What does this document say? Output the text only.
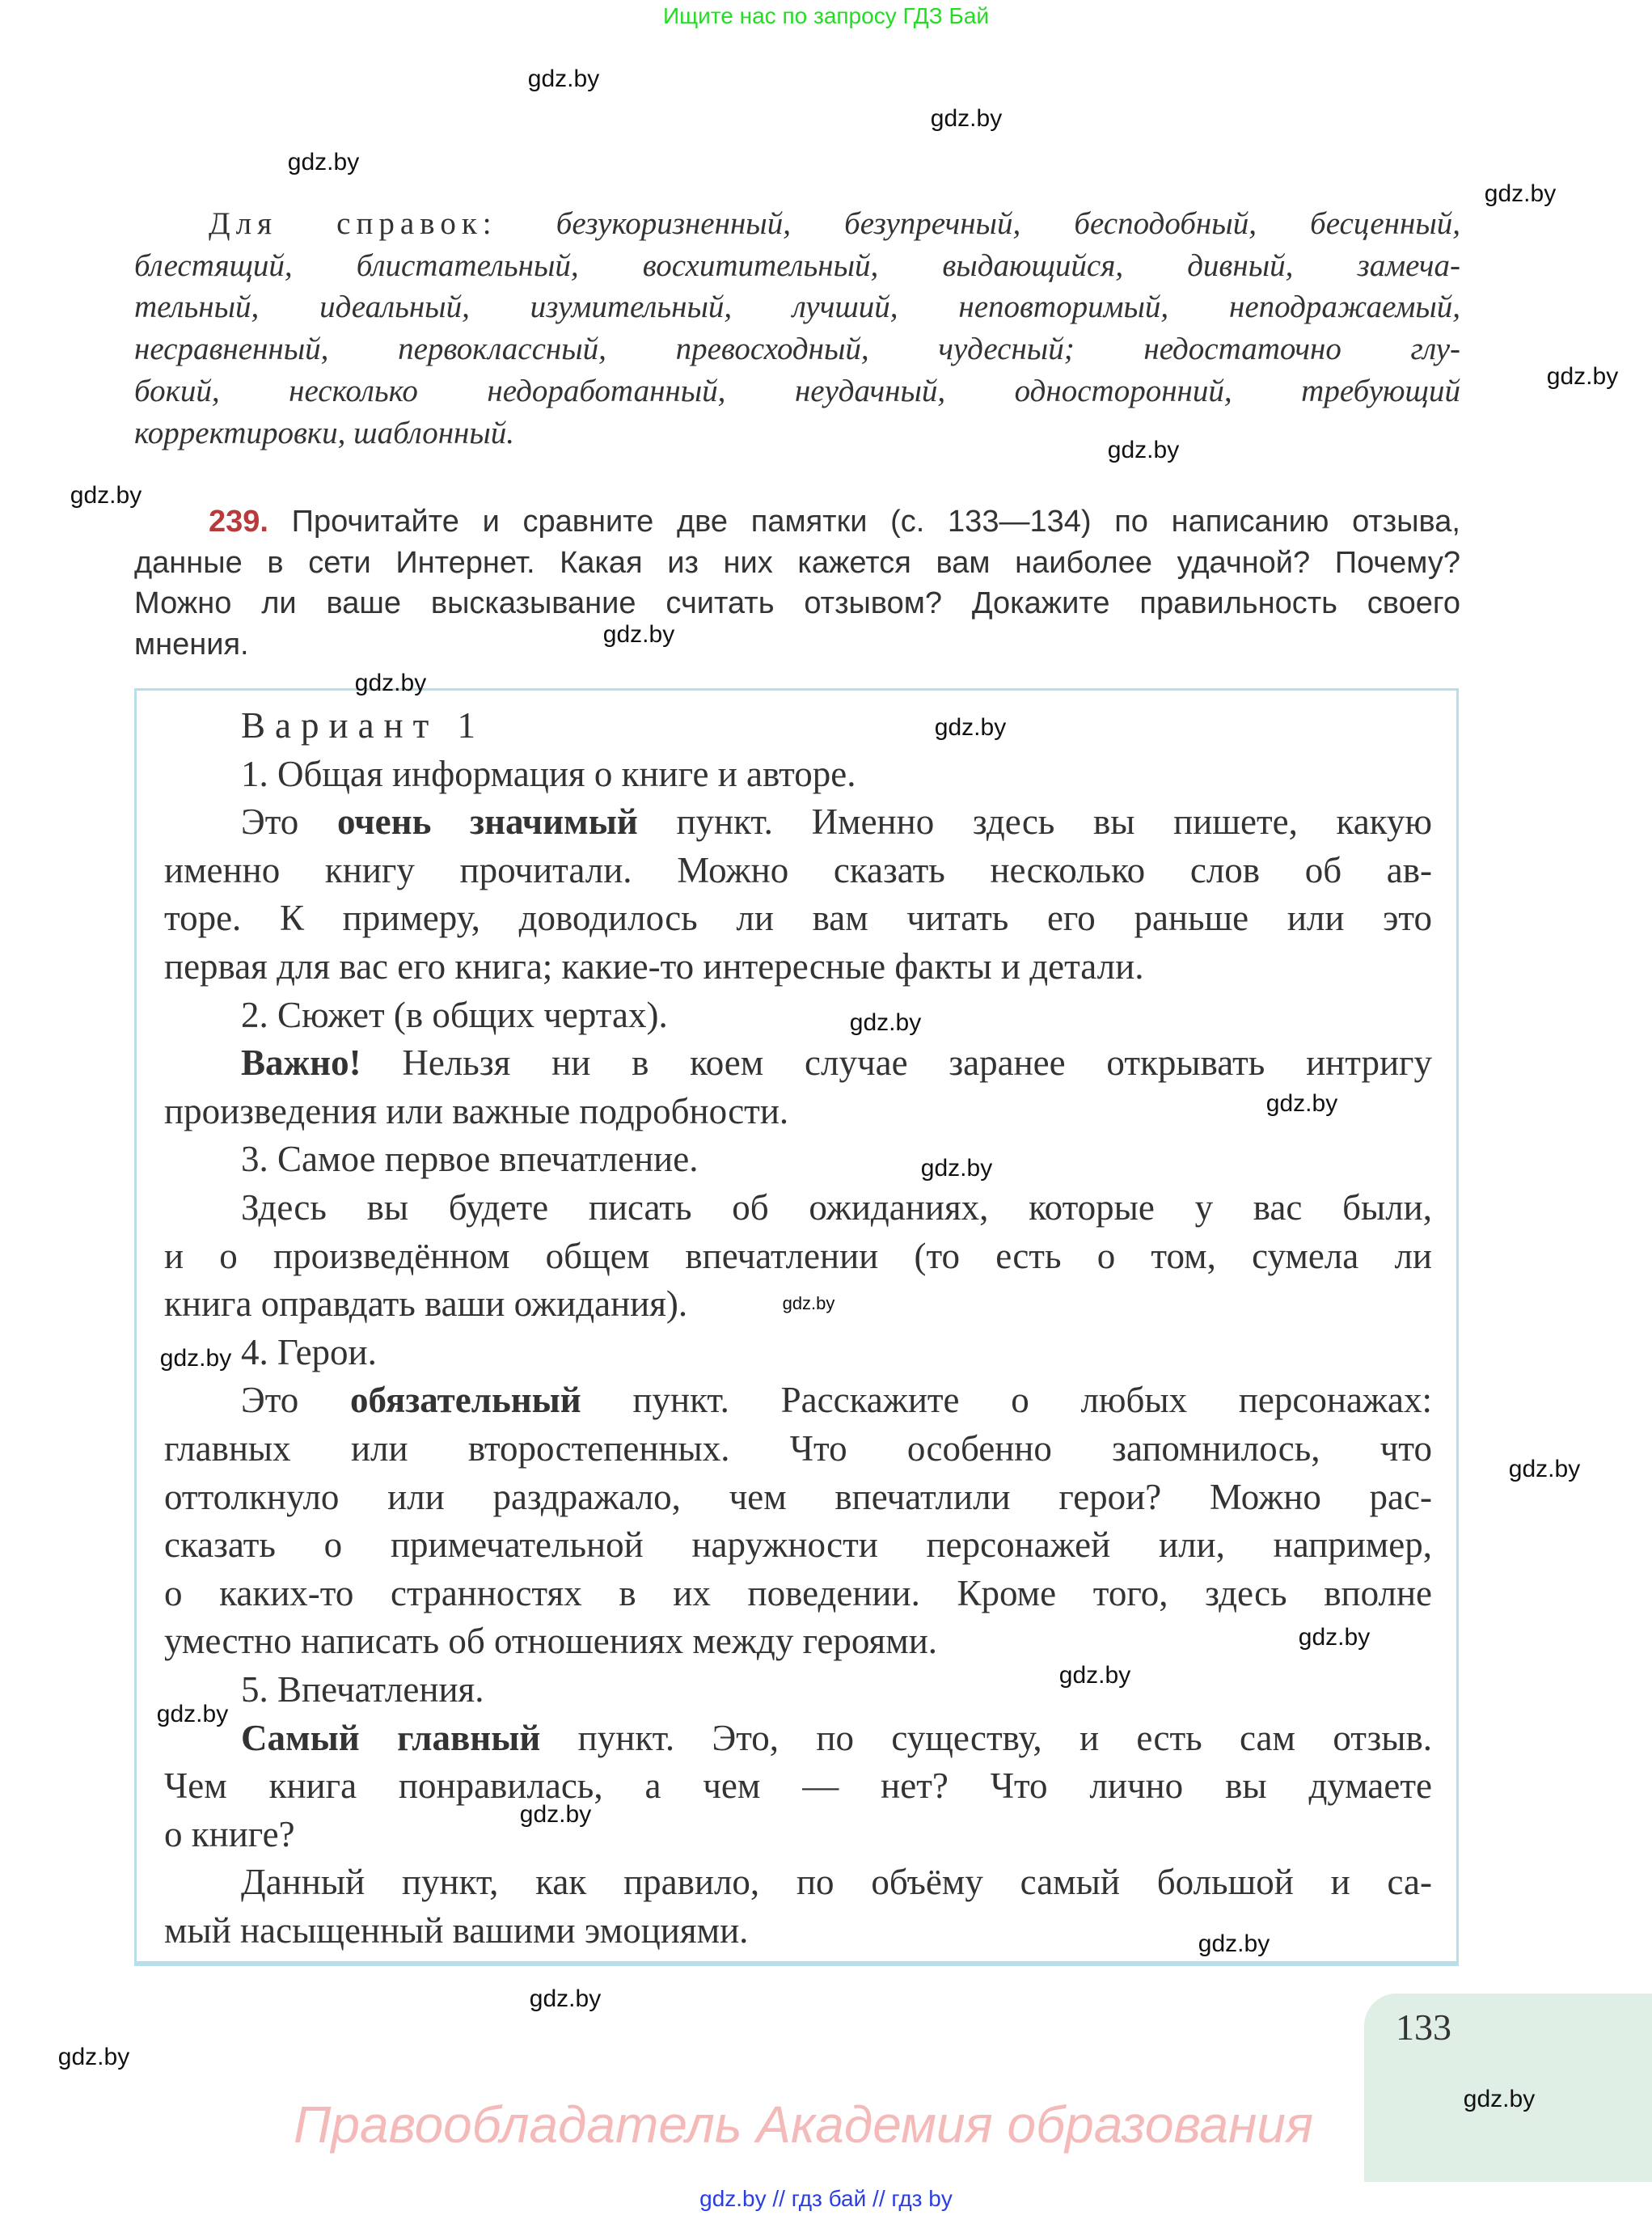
Ищите нас по запросу ГДЗ Бай
Для справок: безукоризненный, безупречный, бесподобный, бесценный,
блестящий, блистательный, восхитительный, выдающийся, дивный, замеча-
тельный, идеальный, изумительный, лучший, неповторимый, неподражаемый,
несравненный, первоклассный, превосходный, чудесный; недостаточно глу-
бокий, несколько недоработанный, неудачный, односторонний, требующий
корректировки, шаблонный.
239. Прочитайте и сравните две памятки (с. 133—134) по написанию отзыва,
данные в сети Интернет. Какая из них кажется вам наиболее удачной? Почему?
Можно ли ваше высказывание считать отзывом? Докажите правильность своего
мнения.
Вариант 1
1. Общая информация о книге и авторе.
Это очень значимый пункт. Именно здесь вы пишете, какую
именно книгу прочитали. Можно сказать несколько слов об ав-
торе. К примеру, доводилось ли вам читать его раньше или это
первая для вас его книга; какие-то интересные факты и детали.
2. Сюжет (в общих чертах).
Важно! Нельзя ни в коем случае заранее открывать интригу
произведения или важные подробности.
3. Самое первое впечатление.
Здесь вы будете писать об ожиданиях, которые у вас были,
и о произведённом общем впечатлении (то есть о том, сумела ли
книга оправдать ваши ожидания).
4. Герои.
Это обязательный пункт. Расскажите о любых персонажах:
главных или второстепенных. Что особенно запомнилось, что
оттолкнуло или раздражало, чем впечатлили герои? Можно рас-
сказать о примечательной наружности персонажей или, например,
о каких-то странностях в их поведении. Кроме того, здесь вполне
уместно написать об отношениях между героями.
5. Впечатления.
Самый главный пункт. Это, по существу, и есть сам отзыв.
Чем книга понравилась, а чем — нет? Что лично вы думаете
о книге?
Данный пункт, как правило, по объёму самый большой и са-
мый насыщенный вашими эмоциями.
133
Правообладатель Академия образования
gdz.by // гдз бай // гдз by
gdz.by
gdz.by
gdz.by
gdz.by
gdz.by
gdz.by
gdz.by
gdz.by
gdz.by
gdz.by
gdz.by
gdz.by
gdz.by
gdz.by
gdz.by
gdz.by
gdz.by
gdz.by
gdz.by
gdz.by
gdz.by
gdz.by
gdz.by
gdz.by
